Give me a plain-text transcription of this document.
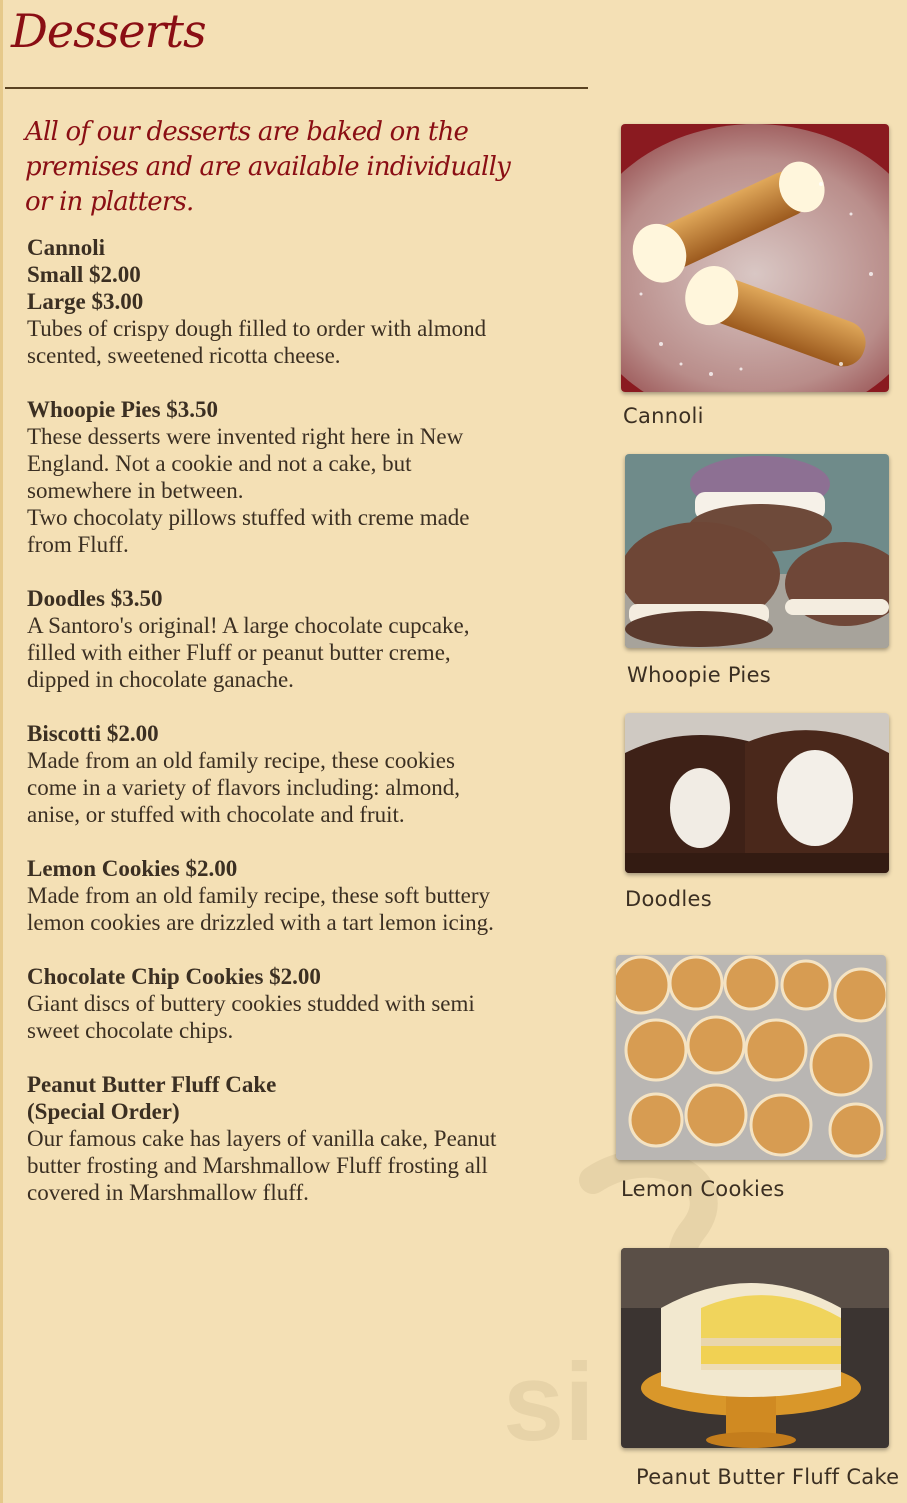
Desserts
All of our desserts are baked on the premises and are available individually or in platters.
Cannoli
Small $2.00
Large $3.00
Tubes of crispy dough filled to order with almond scented, sweetened ricotta cheese.
Whoopie Pies $3.50
These desserts were invented right here in New England. Not a cookie and not a cake, but somewhere in between.
Two chocolaty pillows stuffed with creme made from Fluff.
Doodles $3.50
A Santoro's original! A large chocolate cupcake, filled with either Fluff or peanut butter creme, dipped in chocolate ganache.
Biscotti $2.00
Made from an old family recipe, these cookies come in a variety of flavors including: almond, anise, or stuffed with chocolate and fruit.
Lemon Cookies $2.00
Made from an old family recipe, these soft buttery lemon cookies are drizzled with a tart lemon icing.
Chocolate Chip Cookies $2.00
Giant discs of buttery cookies studded with semi sweet chocolate chips.
Peanut Butter Fluff Cake
(Special Order)
Our famous cake has layers of vanilla cake, Peanut butter frosting and Marshmallow Fluff frosting all covered in Marshmallow fluff.
si
Cannoli
Whoopie Pies
Doodles
Lemon Cookies
Peanut Butter Fluff Cake
